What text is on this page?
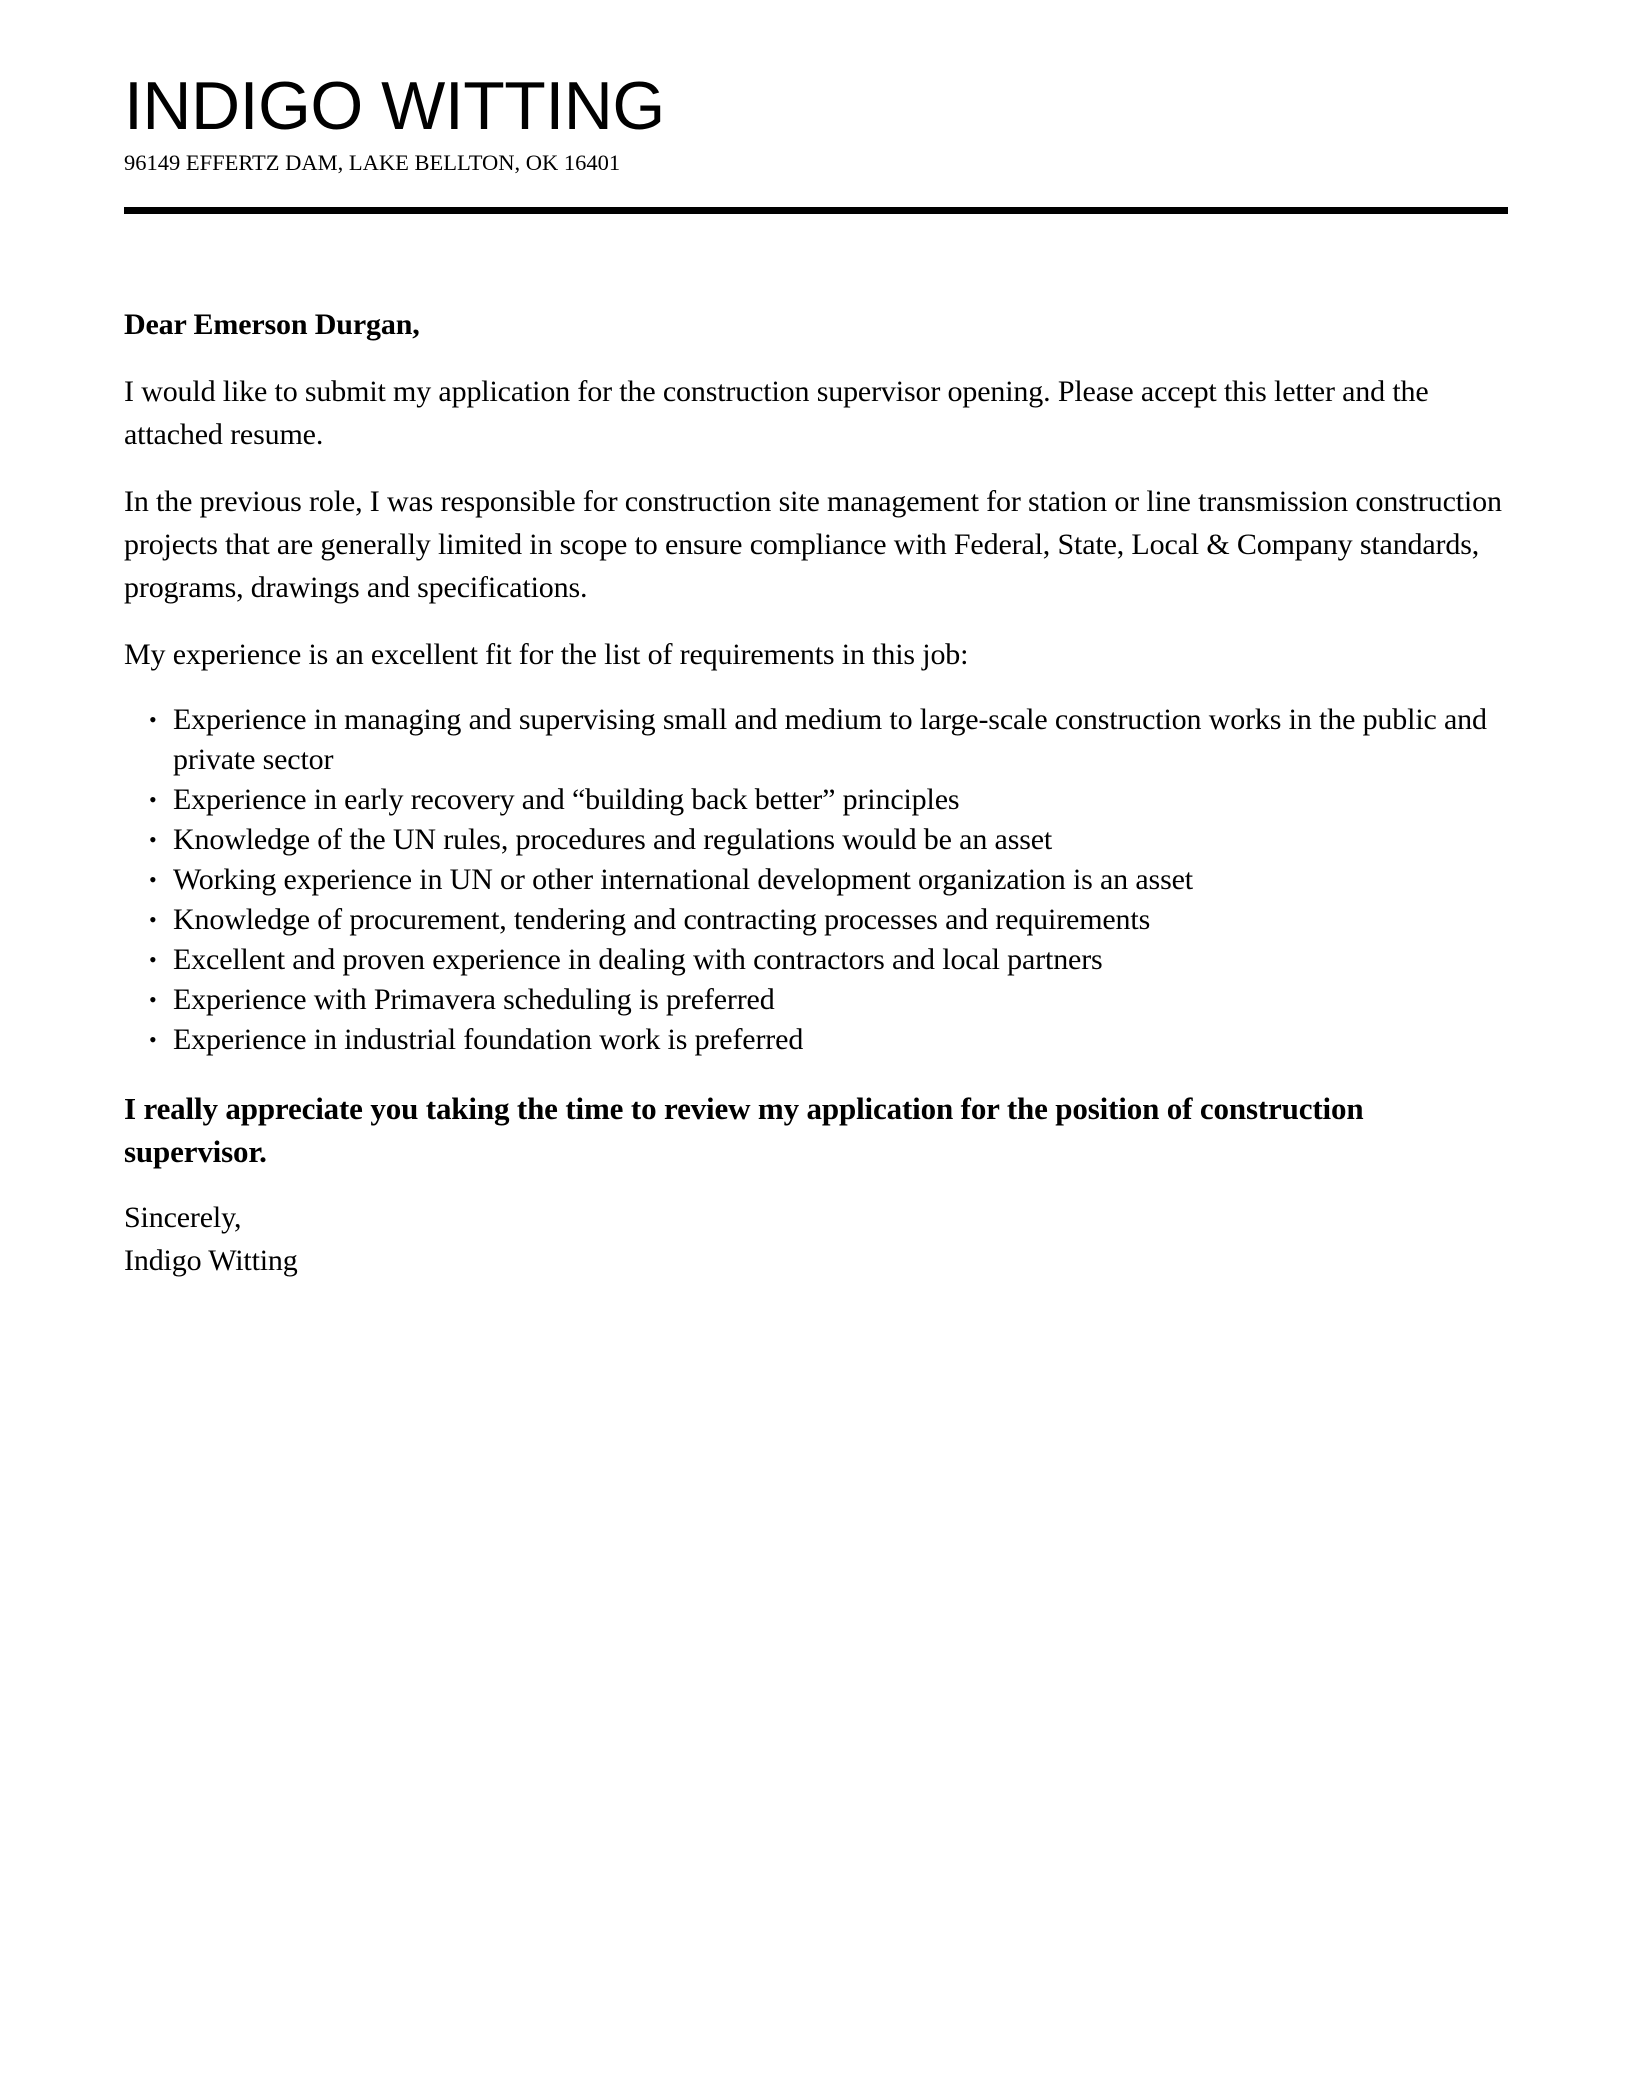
INDIGO WITTING

96149 EFFERTZ DAM, LAKE BELLTON, OK 16401

Dear Emerson Durgan,

I would like to submit my application for the construction supervisor opening. Please accept this letter and the attached resume.

In the previous role, I was responsible for construction site management for station or line transmission construction projects that are generally limited in scope to ensure compliance with Federal, State, Local & Company standards, programs, drawings and specifications.

My experience is an excellent fit for the list of requirements in this job:

• Experience in managing and supervising small and medium to large-scale construction works in the public and private sector
• Experience in early recovery and “building back better” principles
• Knowledge of the UN rules, procedures and regulations would be an asset
• Working experience in UN or other international development organization is an asset
• Knowledge of procurement, tendering and contracting processes and requirements
• Excellent and proven experience in dealing with contractors and local partners
• Experience with Primavera scheduling is preferred
• Experience in industrial foundation work is preferred

I really appreciate you taking the time to review my application for the position of construction supervisor.

Sincerely,
Indigo Witting
